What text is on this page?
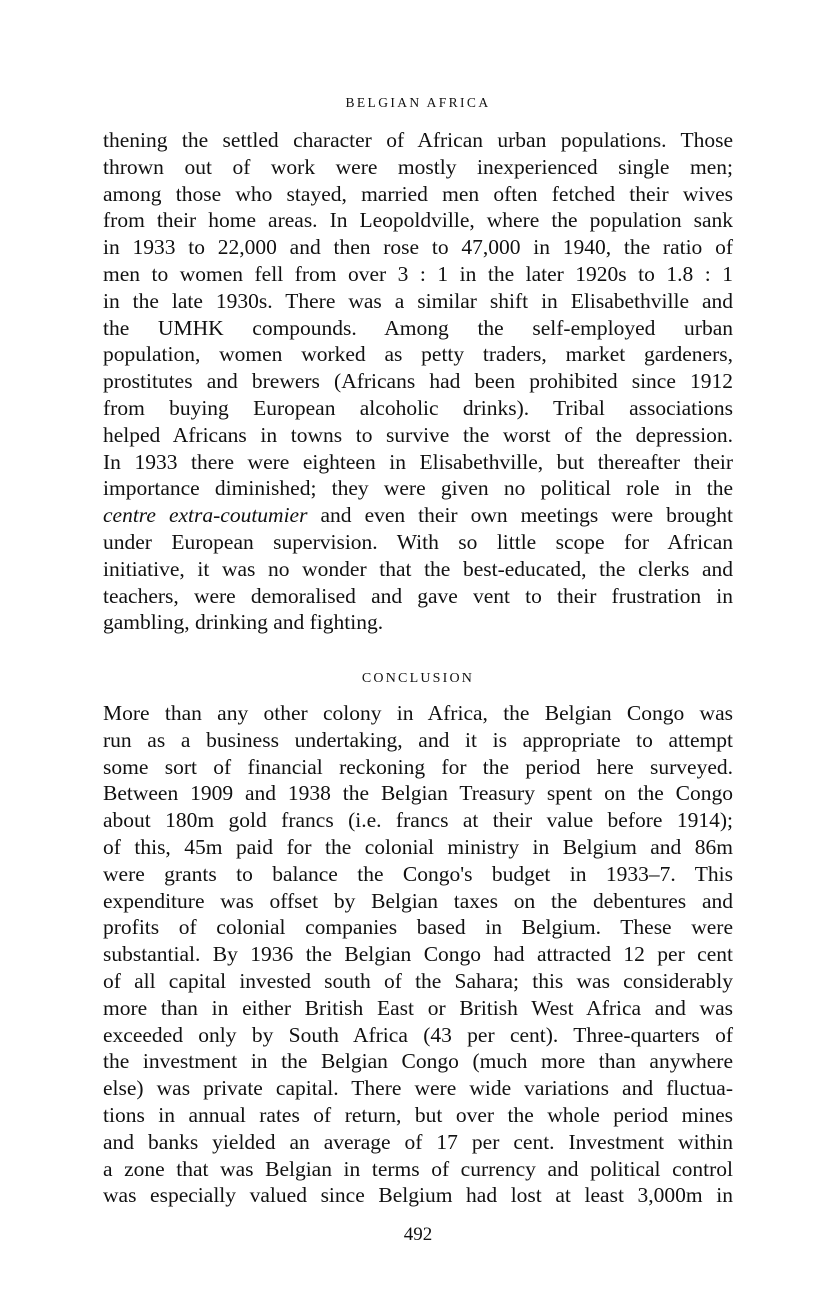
BELGIAN AFRICA
thening the settled character of African urban populations. Those
thrown out of work were mostly inexperienced single men;
among those who stayed, married men often fetched their wives
from their home areas. In Leopoldville, where the population sank
in 1933 to 22,000 and then rose to 47,000 in 1940, the ratio of
men to women fell from over 3 : 1 in the later 1920s to 1.8 : 1
in the late 1930s. There was a similar shift in Elisabethville and
the UMHK compounds. Among the self-employed urban
population, women worked as petty traders, market gardeners,
prostitutes and brewers (Africans had been prohibited since 1912
from buying European alcoholic drinks). Tribal associations
helped Africans in towns to survive the worst of the depression.
In 1933 there were eighteen in Elisabethville, but thereafter their
importance diminished; they were given no political role in the
centre extra-coutumier and even their own meetings were brought
under European supervision. With so little scope for African
initiative, it was no wonder that the best-educated, the clerks and
teachers, were demoralised and gave vent to their frustration in
gambling, drinking and fighting.
CONCLUSION
More than any other colony in Africa, the Belgian Congo was
run as a business undertaking, and it is appropriate to attempt
some sort of financial reckoning for the period here surveyed.
Between 1909 and 1938 the Belgian Treasury spent on the Congo
about 180m gold francs (i.e. francs at their value before 1914);
of this, 45m paid for the colonial ministry in Belgium and 86m
were grants to balance the Congo's budget in 1933–7. This
expenditure was offset by Belgian taxes on the debentures and
profits of colonial companies based in Belgium. These were
substantial. By 1936 the Belgian Congo had attracted 12 per cent
of all capital invested south of the Sahara; this was considerably
more than in either British East or British West Africa and was
exceeded only by South Africa (43 per cent). Three-quarters of
the investment in the Belgian Congo (much more than anywhere
else) was private capital. There were wide variations and fluctua-
tions in annual rates of return, but over the whole period mines
and banks yielded an average of 17 per cent. Investment within
a zone that was Belgian in terms of currency and political control
was especially valued since Belgium had lost at least 3,000m in
492
